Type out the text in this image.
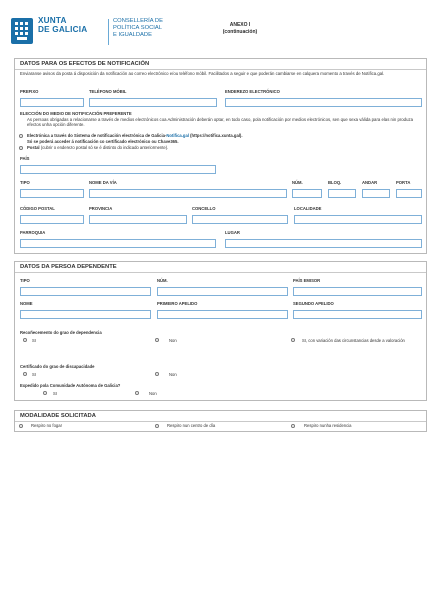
XUNTA
DE GALICIA
CONSELLERÍA DE
POLÍTICA SOCIAL
E IGUALDADE
ANEXO I
(continuación)
DATOS PARA OS EFECTOS DE NOTIFICACIÓN
Enviaranse avisos da posta á disposición da notificación ao correo electrónico e/ou teléfono móbil. Facilitados a seguir e que poderán cambiarse en calquera momento a través de Notifica.gal.
PREFIXO	TELÉFONO MÓBIL	ENDEREZO ELECTRÓNICO
ELECCIÓN DO MEDIO DE NOTIFICACIÓN PREFERENTE
As persoas obrigadas a relacionarse a través de medios electrónicos coa Administración deberán optar, en todo caso, pola notificación por medios electrónicos, sen que sexa válida para elas nin produza efectos unha opción diferente.
Electrónica a través do Sistema de notificación electrónica de Galicia-Notifica.gal (https://notifica.xunta.gal).
Só se poderá acceder á notificación co certificado electrónico ou Chave365.
Postal (cubrir o enderezo postal só se é distinto do indicado anteriormente).
PAÍS
TIPO	NOME DA VÍA	NÚM.	BLOQ.	ANDAR	PORTA
CÓDIGO POSTAL	PROVINCIA	CONCELLO	LOCALIDADE
PARROQUIA	LUGAR
DATOS DA PERSOA DEPENDENTE
TIPO	NÚM.	PAÍS EMISOR
NOME	PRIMEIRO APELIDO	SEGUNDO APELIDO
Recoñecemento do grao de dependencia
SI	Non	SI, con variación das circunstancias desde a valoración
Certificado do grao de discapacidade
SI	Non
Expedido pola Comunidade Autónoma de Galicia?
SI	Non
MODALIDADE SOLICITADA
Respiro no fogar	Respiro nun centro de día	Respiro nunha residencia
